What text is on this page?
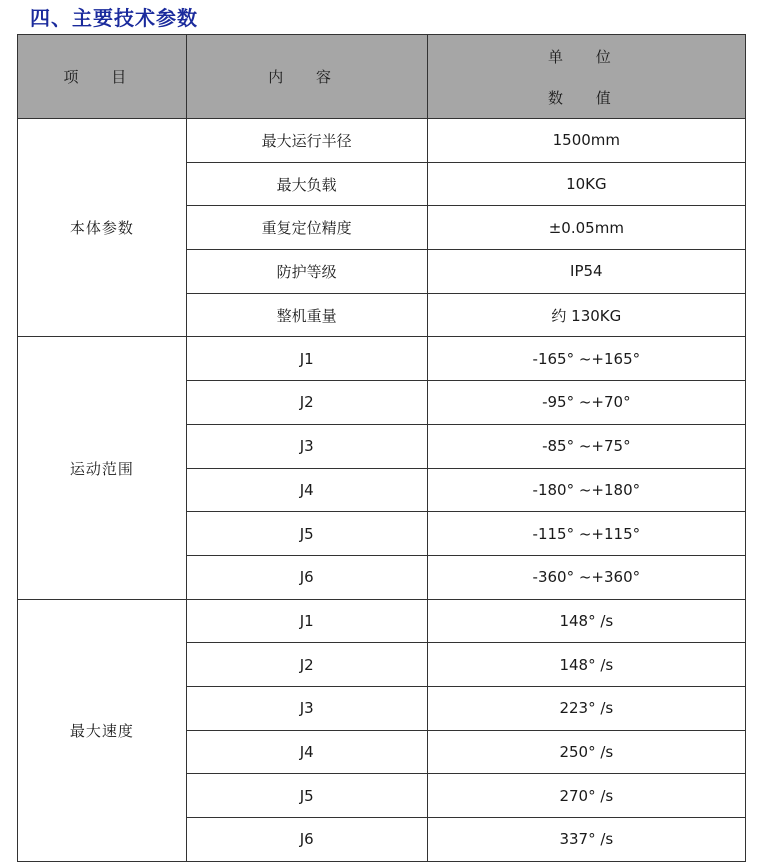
四、主要技术参数
项 目	内 容	单 位
数 值

本体参数	最大运行半径	1500mm
	最大负载	10KG
	重复定位精度	±0.05mm
	防护等级	IP54
	整机重量	约 130KG
运动范围	J1	-165° ~+165°
	J2	-95° ~+70°
	J3	-85° ~+75°
	J4	-180° ~+180°
	J5	-115° ~+115°
	J6	-360° ~+360°
最大速度	J1	148° /s
	J2	148° /s
	J3	223° /s
	J4	250° /s
	J5	270° /s
	J6	337° /s
